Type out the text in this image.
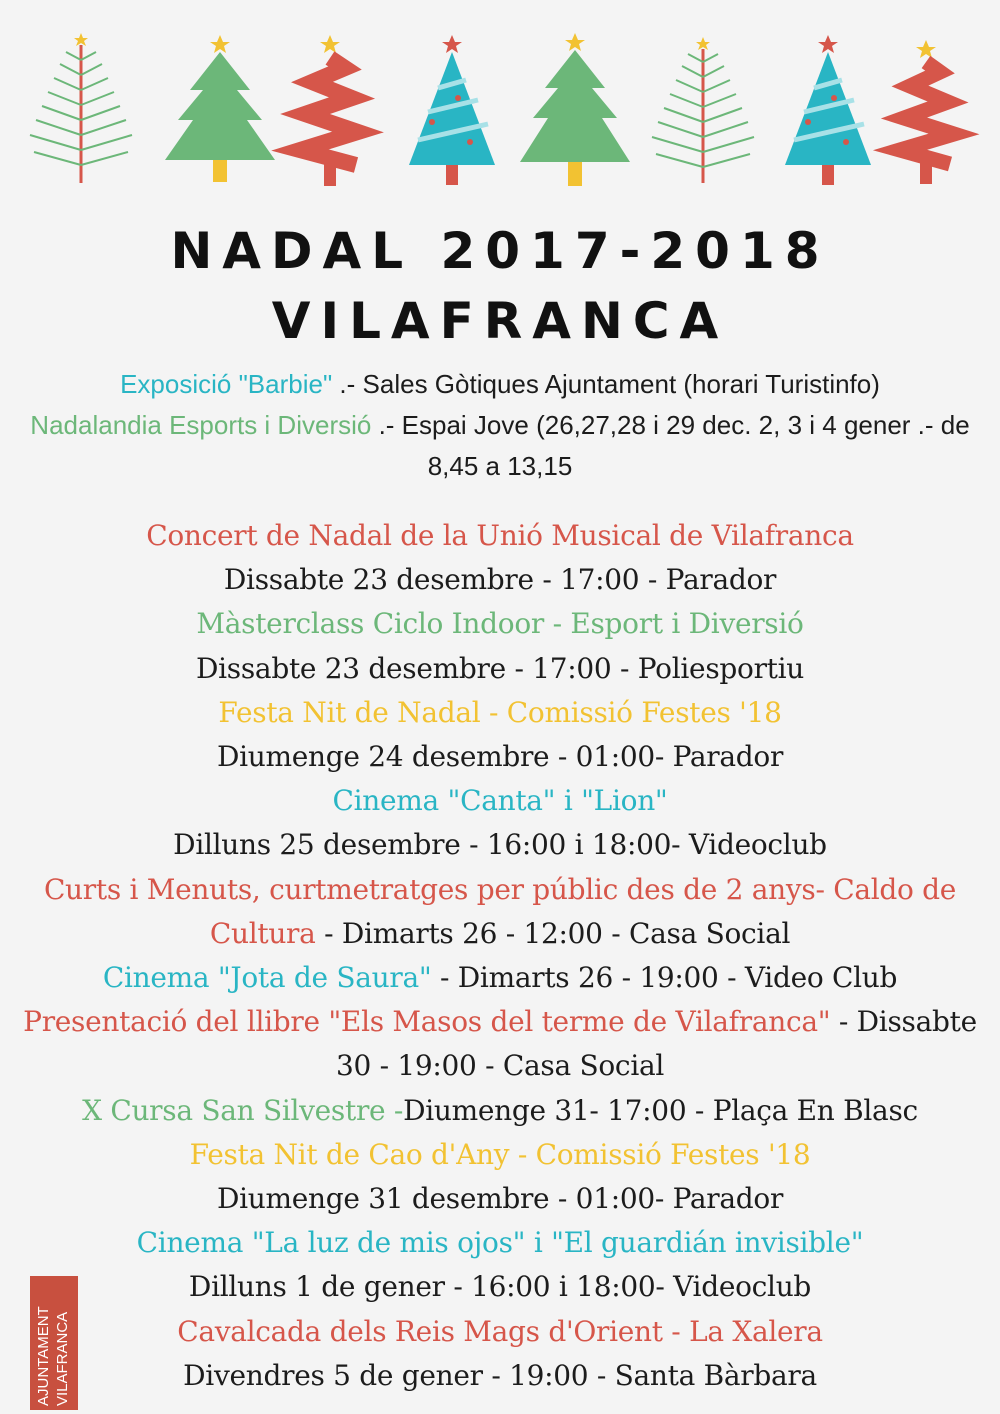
NADAL 2017-2018
VILAFRANCA
Exposició "Barbie" .- Sales Gòtiques Ajuntament (horari Turistinfo)
Nadalandia Esports i Diversió .- Espai Jove (26,27,28 i 29 dec. 2, 3 i 4 gener .- de 8,45 a 13,15

Concert de Nadal de la Unió Musical de Vilafranca

Dissabte 23 desembre - 17:00 - Parador

Màsterclass Ciclo Indoor - Esport i Diversió

Dissabte 23 desembre - 17:00 - Poliesportiu

Festa Nit de Nadal - Comissió Festes '18

Diumenge 24 desembre - 01:00- Parador

Cinema "Canta" i "Lion"

Dilluns 25 desembre - 16:00 i 18:00- Videoclub

Curts i Menuts, curtmetratges per públic des de 2 anys- Caldo de Cultura - Dimarts 26 - 12:00 - Casa Social

Cinema "Jota de Saura" - Dimarts 26 - 19:00 - Video Club

Presentació del llibre "Els Masos del terme de Vilafranca" - Dissabte 30 - 19:00 - Casa Social

X Cursa San Silvestre -Diumenge 31- 17:00 - Plaça En Blasc

Festa Nit de Cao d'Any - Comissió Festes '18

Diumenge 31 desembre - 01:00- Parador

Cinema "La luz de mis ojos" i "El guardián invisible"

Dilluns 1 de gener - 16:00 i 18:00- Videoclub

Cavalcada dels Reis Mags d'Orient - La Xalera

Divendres 5 de gener - 19:00 - Santa Bàrbara

AJUNTAMENT
VILAFRANCA
